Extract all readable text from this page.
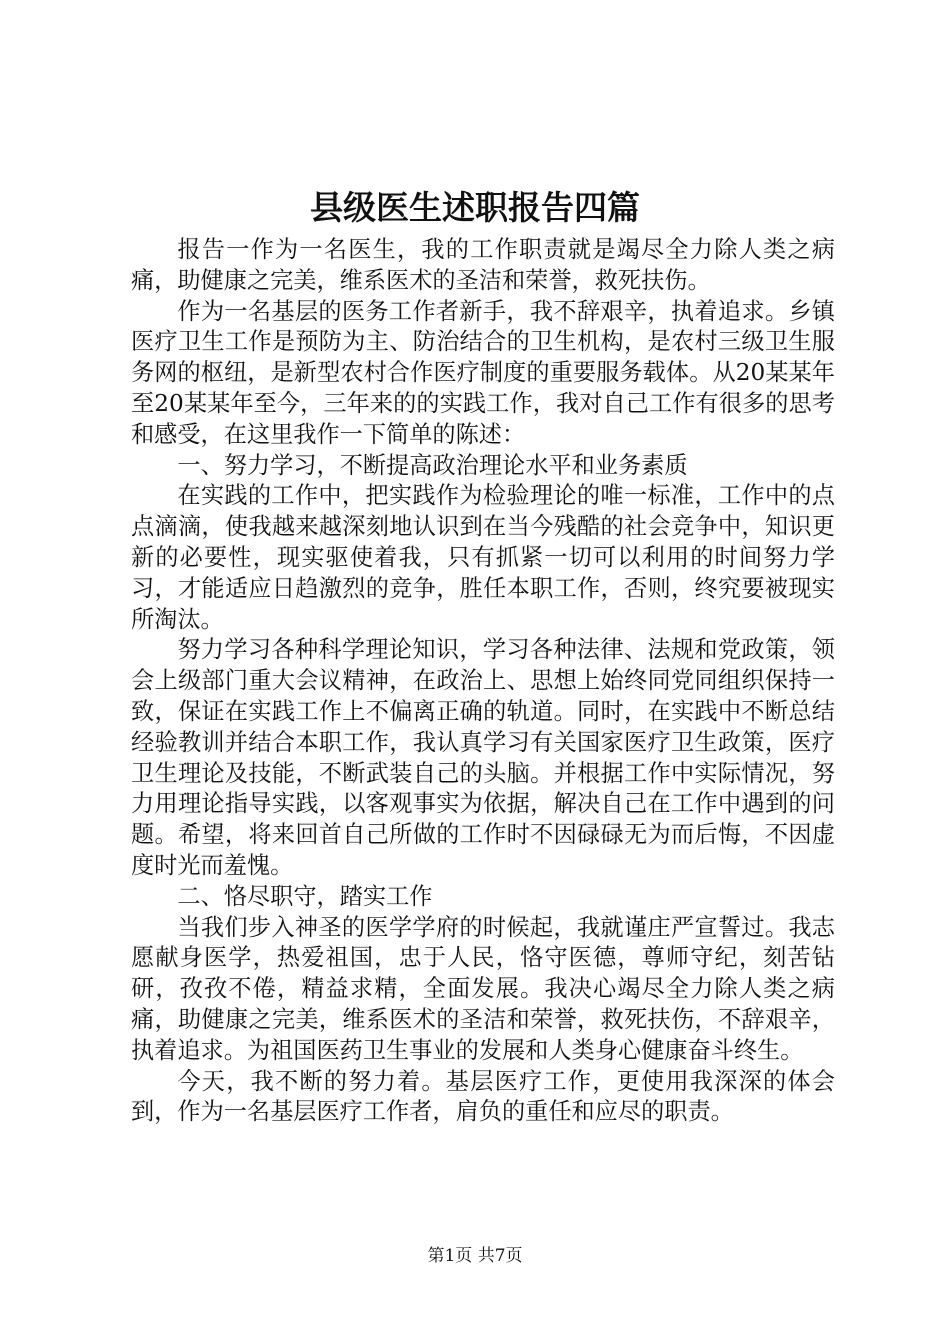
县级医生述职报告四篇

报告一作为一名医生，我的工作职责就是竭尽全力除人类之病痛，助健康之完美，维系医术的圣洁和荣誉，救死扶伤。

作为一名基层的医务工作者新手，我不辞艰辛，执着追求。乡镇医疗卫生工作是预防为主、防治结合的卫生机构，是农村三级卫生服务网的枢纽，是新型农村合作医疗制度的重要服务载体。从20某某年至20某某年至今，三年来的的实践工作，我对自己工作有很多的思考和感受，在这里我作一下简单的陈述：

一、努力学习，不断提高政治理论水平和业务素质

在实践的工作中，把实践作为检验理论的唯一标准，工作中的点点滴滴，使我越来越深刻地认识到在当今残酷的社会竞争中，知识更新的必要性，现实驱使着我，只有抓紧一切可以利用的时间努力学习，才能适应日趋激烈的竞争，胜任本职工作，否则，终究要被现实所淘汰。

努力学习各种科学理论知识，学习各种法律、法规和党政策，领会上级部门重大会议精神，在政治上、思想上始终同党同组织保持一致，保证在实践工作上不偏离正确的轨道。同时，在实践中不断总结经验教训并结合本职工作，我认真学习有关国家医疗卫生政策，医疗卫生理论及技能，不断武装自己的头脑。并根据工作中实际情况，努力用理论指导实践，以客观事实为依据，解决自己在工作中遇到的问题。希望，将来回首自己所做的工作时不因碌碌无为而后悔，不因虚度时光而羞愧。

二、恪尽职守，踏实工作

当我们步入神圣的医学学府的时候起，我就谨庄严宣誓过。我志愿献身医学，热爱祖国，忠于人民，恪守医德，尊师守纪，刻苦钻研，孜孜不倦，精益求精，全面发展。我决心竭尽全力除人类之病痛，助健康之完美，维系医术的圣洁和荣誉，救死扶伤，不辞艰辛，执着追求。为祖国医药卫生事业的发展和人类身心健康奋斗终生。

今天，我不断的努力着。基层医疗工作，更使用我深深的体会到，作为一名基层医疗工作者，肩负的重任和应尽的职责。

第1页 共7页
